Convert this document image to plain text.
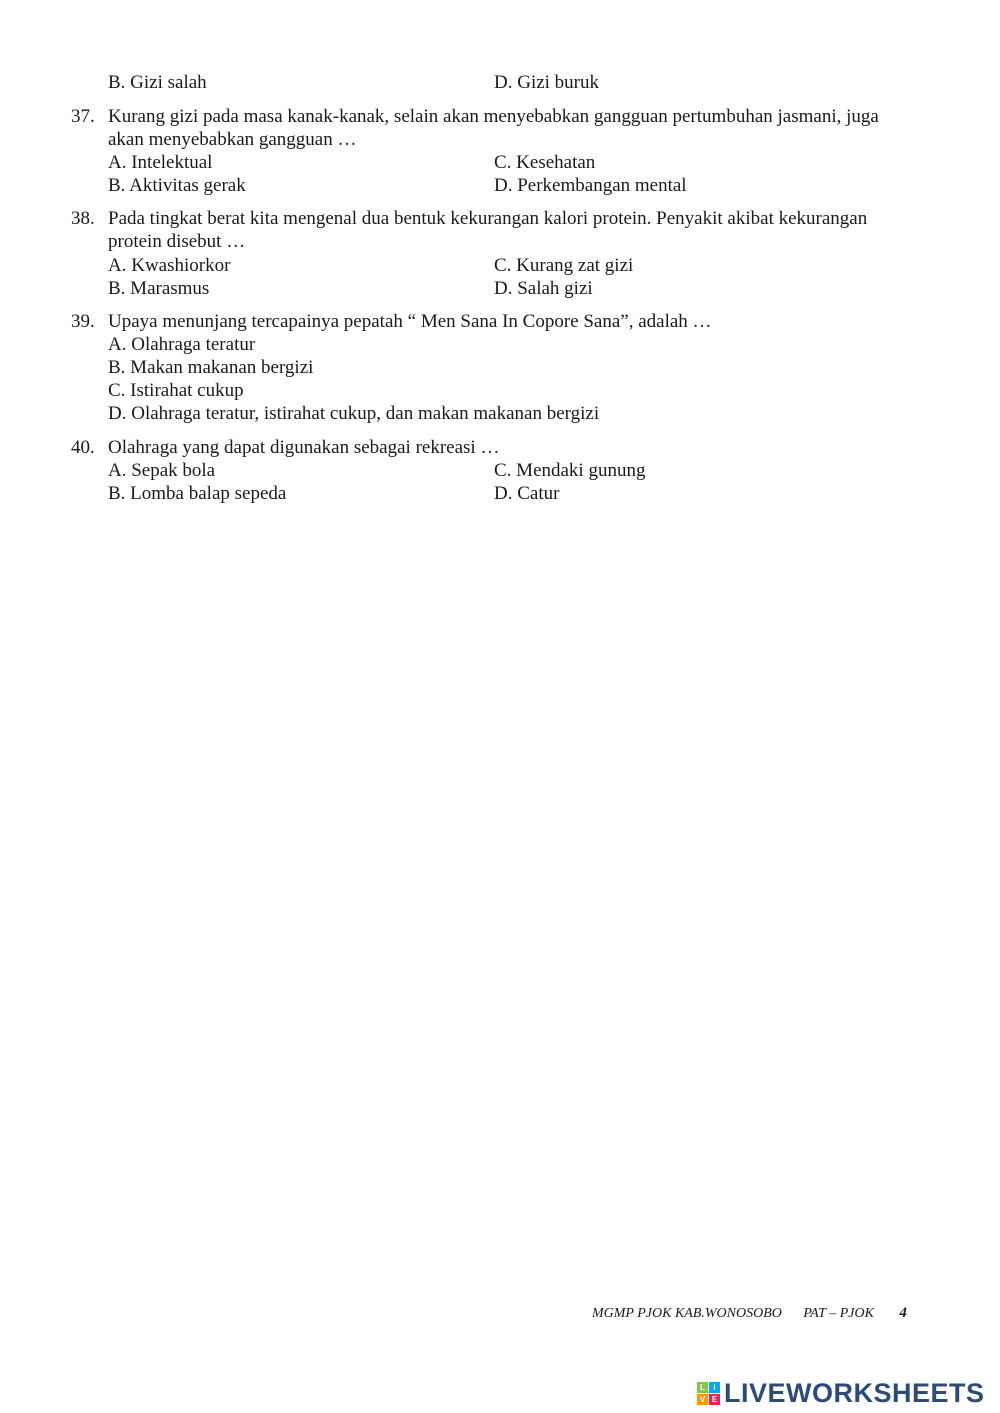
B. Gizi salah	D. Gizi buruk
37. Kurang gizi pada masa kanak-kanak, selain akan menyebabkan gangguan pertumbuhan jasmani, juga
akan menyebabkan gangguan …
A. Intelektual	C. Kesehatan
B. Aktivitas gerak	D. Perkembangan mental
38. Pada tingkat berat kita mengenal dua bentuk kekurangan kalori protein. Penyakit akibat kekurangan
protein disebut …
A. Kwashiorkor	C. Kurang zat gizi
B. Marasmus	D. Salah gizi
39. Upaya menunjang tercapainya pepatah “ Men Sana In Copore Sana”, adalah …
A. Olahraga teratur
B. Makan makanan bergizi
C. Istirahat cukup
D. Olahraga teratur, istirahat cukup, dan makan makanan bergizi
40. Olahraga yang dapat digunakan sebagai rekreasi …
A. Sepak bola	C. Mendaki gunung
B. Lomba balap sepeda	D. Catur
MGMP PJOK KAB.WONOSOBO PAT – PJOK 4
L	I
V E LIVEWORKSHEETS
